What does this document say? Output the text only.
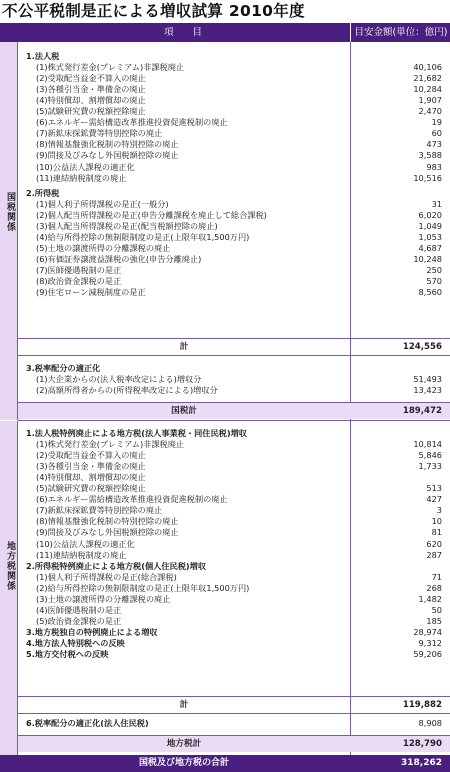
不公平税制是正による増収試算 2010年度
項　　目	目安金額(単位：億円)
国税関係
地方税関係
国税及び地方税の合計	318,262
1.法人税
(1)株式発行差金(プレミアム)非課税廃止	40,106
(2)受取配当益金不算入の廃止	21,682
(3)各種引当金・準備金の廃止	10,284
(4)特別償却、割増償却の廃止	1,907
(5)試験研究費の税額控除廃止	2,470
(6)エネルギー需給構造改革推進投資促進税制の廃止	19
(7)新鉱床探鉱費等特別控除の廃止	60
(8)情報基盤強化税制の特別控除の廃止	473
(9)問接及びみなし外国税額控除の廃止	3,588
(10)公益法人課税の適正化	983
(11)連結納税制度の廃止	10,516
2.所得税
(1)個人利子所得課税の是正(一般分)	31
(2)個人配当所得課税の是正(申告分離課税を廃止して総合課税)	6,020
(3)個人配当所得課税の是正(配当税額控除の廃止)	1,049
(4)給与所得控除の無制限制度の是正(上限年収1,500万円)	1,053
(5)土地の譲渡所得の分離課税の廃止	4,687
(6)有価証券譲渡益課税の強化(申告分離廃止)	10,248
(7)医師優遇税制の是正	250
(8)政治資金課税の是正	570
(9)住宅ローン減税制度の是正	8,560
計	124,556
3.税率配分の適正化
(1)大企業からの(法人税率改定による)増収分	51,493
(2)高額所得者からの(所得税率改定による)増収分	13,423
国税計	189,472
1.法人税特例廃止による地方税(法人事業税・同住民税)増収
(1)株式発行差金(プレミアム)非課税廃止	10,814
(2)受取配当益金不算入の廃止	5,846
(3)各種引当金・準備金の廃止	1,733
(4)特別償却、割増償却の廃止
(5)試験研究費の税額控除廃止	513
(6)エネルギー需給構造改革推進投資促進税制の廃止	427
(7)新鉱床探鉱費等特別控除の廃止	3
(8)情報基盤強化税制の特別控除の廃止	10
(9)問接及びみなし外国税額控除の廃止	81
(10)公益法人課税の適正化	620
(11)連結納税制度の廃止	287
2.所得税特例廃止による地方税(個人住民税)増収
(1)個人利子所得課税の是正(総合課税)	71
(2)給与所得控除の無制限制度の是正(上限年収1,500万円)	268
(3)土地の譲渡所得の分離課税の廃止	1,482
(4)医師優遇税制の是正	50
(5)政治資金課税の是正	185
3.地方税独自の特例廃止による増収	28,974
4.地方法人特別税への反映	9,312
5.地方交付税への反映	59,206
計	119,882
6.税率配分の適正化(法人住民税)	8,908
地方税計	128,790
